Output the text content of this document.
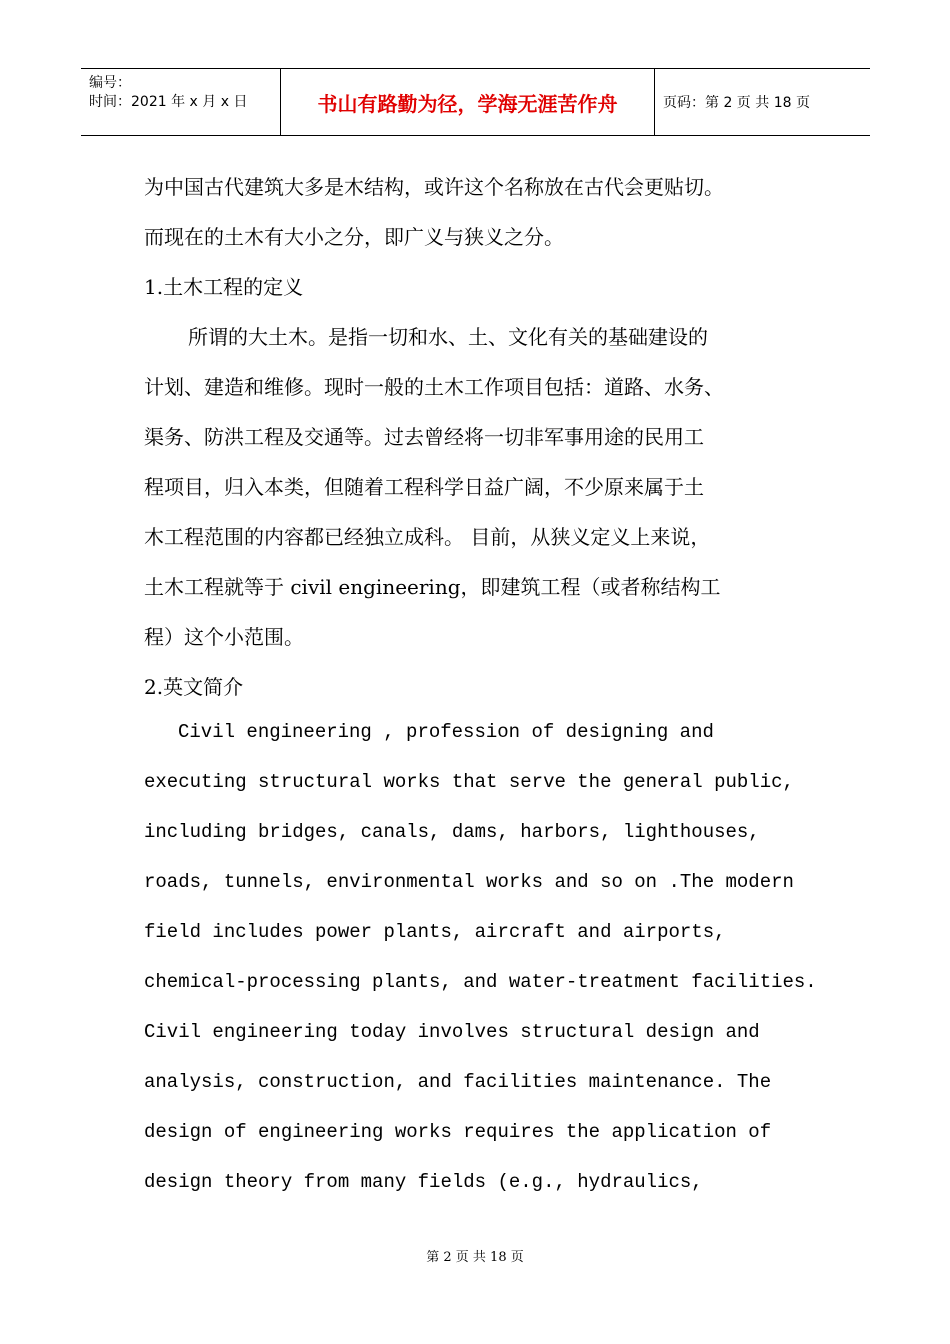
编号：
时间：2021 年 x 月 x 日	书山有路勤为径，学海无涯苦作舟	页码：第 2 页 共 18 页
为中国古代建筑大多是木结构，或许这个名称放在古代会更贴切。
而现在的土木有大小之分，即广义与狭义之分。
1.土木工程的定义
所谓的大土木。是指一切和水、土、文化有关的基础建设的
计划、建造和维修。现时一般的土木工作项目包括：道路、水务、
渠务、防洪工程及交通等。过去曾经将一切非军事用途的民用工
程项目，归入本类，但随着工程科学日益广阔，不少原来属于土
木工程范围的内容都已经独立成科。 目前，从狭义定义上来说，
土木工程就等于 civil engineering，即建筑工程（或者称结构工
程）这个小范围。
2.英文简介
Civil engineering , profession of designing and
executing structural works that serve the general public,
including bridges, canals, dams, harbors, lighthouses,
roads, tunnels, environmental works and so on .The modern
field includes power plants, aircraft and airports,
chemical-processing plants, and water-treatment facilities.
Civil engineering today involves structural design and
analysis, construction, and facilities maintenance. The
design of engineering works requires the application of
design theory from many fields (e.g., hydraulics,
第 2 页 共 18 页
